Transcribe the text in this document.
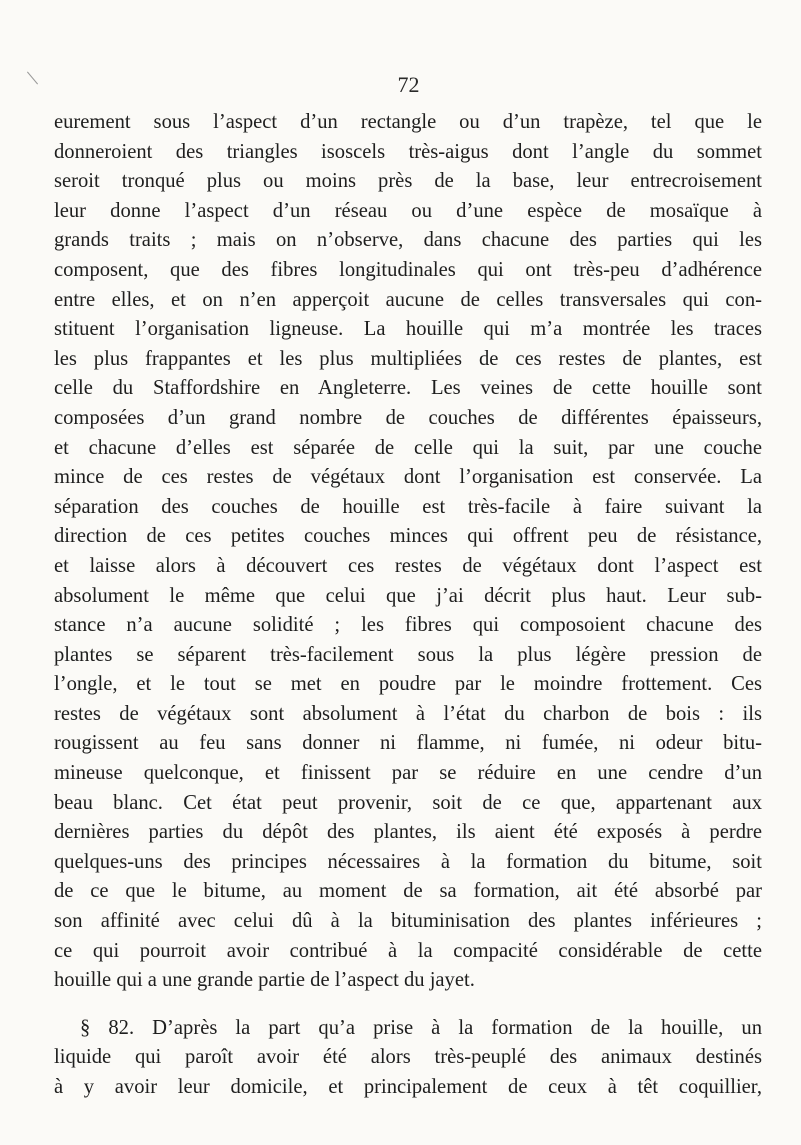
72
eurement sous l’aspect d’un rectangle ou d’un trapèze, tel que le
donneroient des triangles isoscels très-aigus dont l’angle du sommet
seroit tronqué plus ou moins près de la base, leur entrecroisement
leur donne l’aspect d’un réseau ou d’une espèce de mosaïque à
grands traits ; mais on n’observe, dans chacune des parties qui les
composent, que des fibres longitudinales qui ont très-peu d’adhérence
entre elles, et on n’en apperçoit aucune de celles transversales qui con-
stituent l’organisation ligneuse. La houille qui m’a montrée les traces
les plus frappantes et les plus multipliées de ces restes de plantes, est
celle du Staffordshire en Angleterre. Les veines de cette houille sont
composées d’un grand nombre de couches de différentes épaisseurs,
et chacune d’elles est séparée de celle qui la suit, par une couche
mince de ces restes de végétaux dont l’organisation est conservée. La
séparation des couches de houille est très-facile à faire suivant la
direction de ces petites couches minces qui offrent peu de résistance,
et laisse alors à découvert ces restes de végétaux dont l’aspect est
absolument le même que celui que j’ai décrit plus haut. Leur sub-
stance n’a aucune solidité ; les fibres qui composoient chacune des
plantes se séparent très-facilement sous la plus légère pression de
l’ongle, et le tout se met en poudre par le moindre frottement. Ces
restes de végétaux sont absolument à l’état du charbon de bois : ils
rougissent au feu sans donner ni flamme, ni fumée, ni odeur bitu-
mineuse quelconque, et finissent par se réduire en une cendre d’un
beau blanc. Cet état peut provenir, soit de ce que, appartenant aux
dernières parties du dépôt des plantes, ils aient été exposés à perdre
quelques-uns des principes nécessaires à la formation du bitume, soit
de ce que le bitume, au moment de sa formation, ait été absorbé par
son affinité avec celui dû à la bituminisation des plantes inférieures ;
ce qui pourroit avoir contribué à la compacité considérable de cette
houille qui a une grande partie de l’aspect du jayet.
§ 82. D’après la part qu’a prise à la formation de la houille, un
liquide qui paroît avoir été alors très-peuplé des animaux destinés
à y avoir leur domicile, et principalement de ceux à têt coquillier,
